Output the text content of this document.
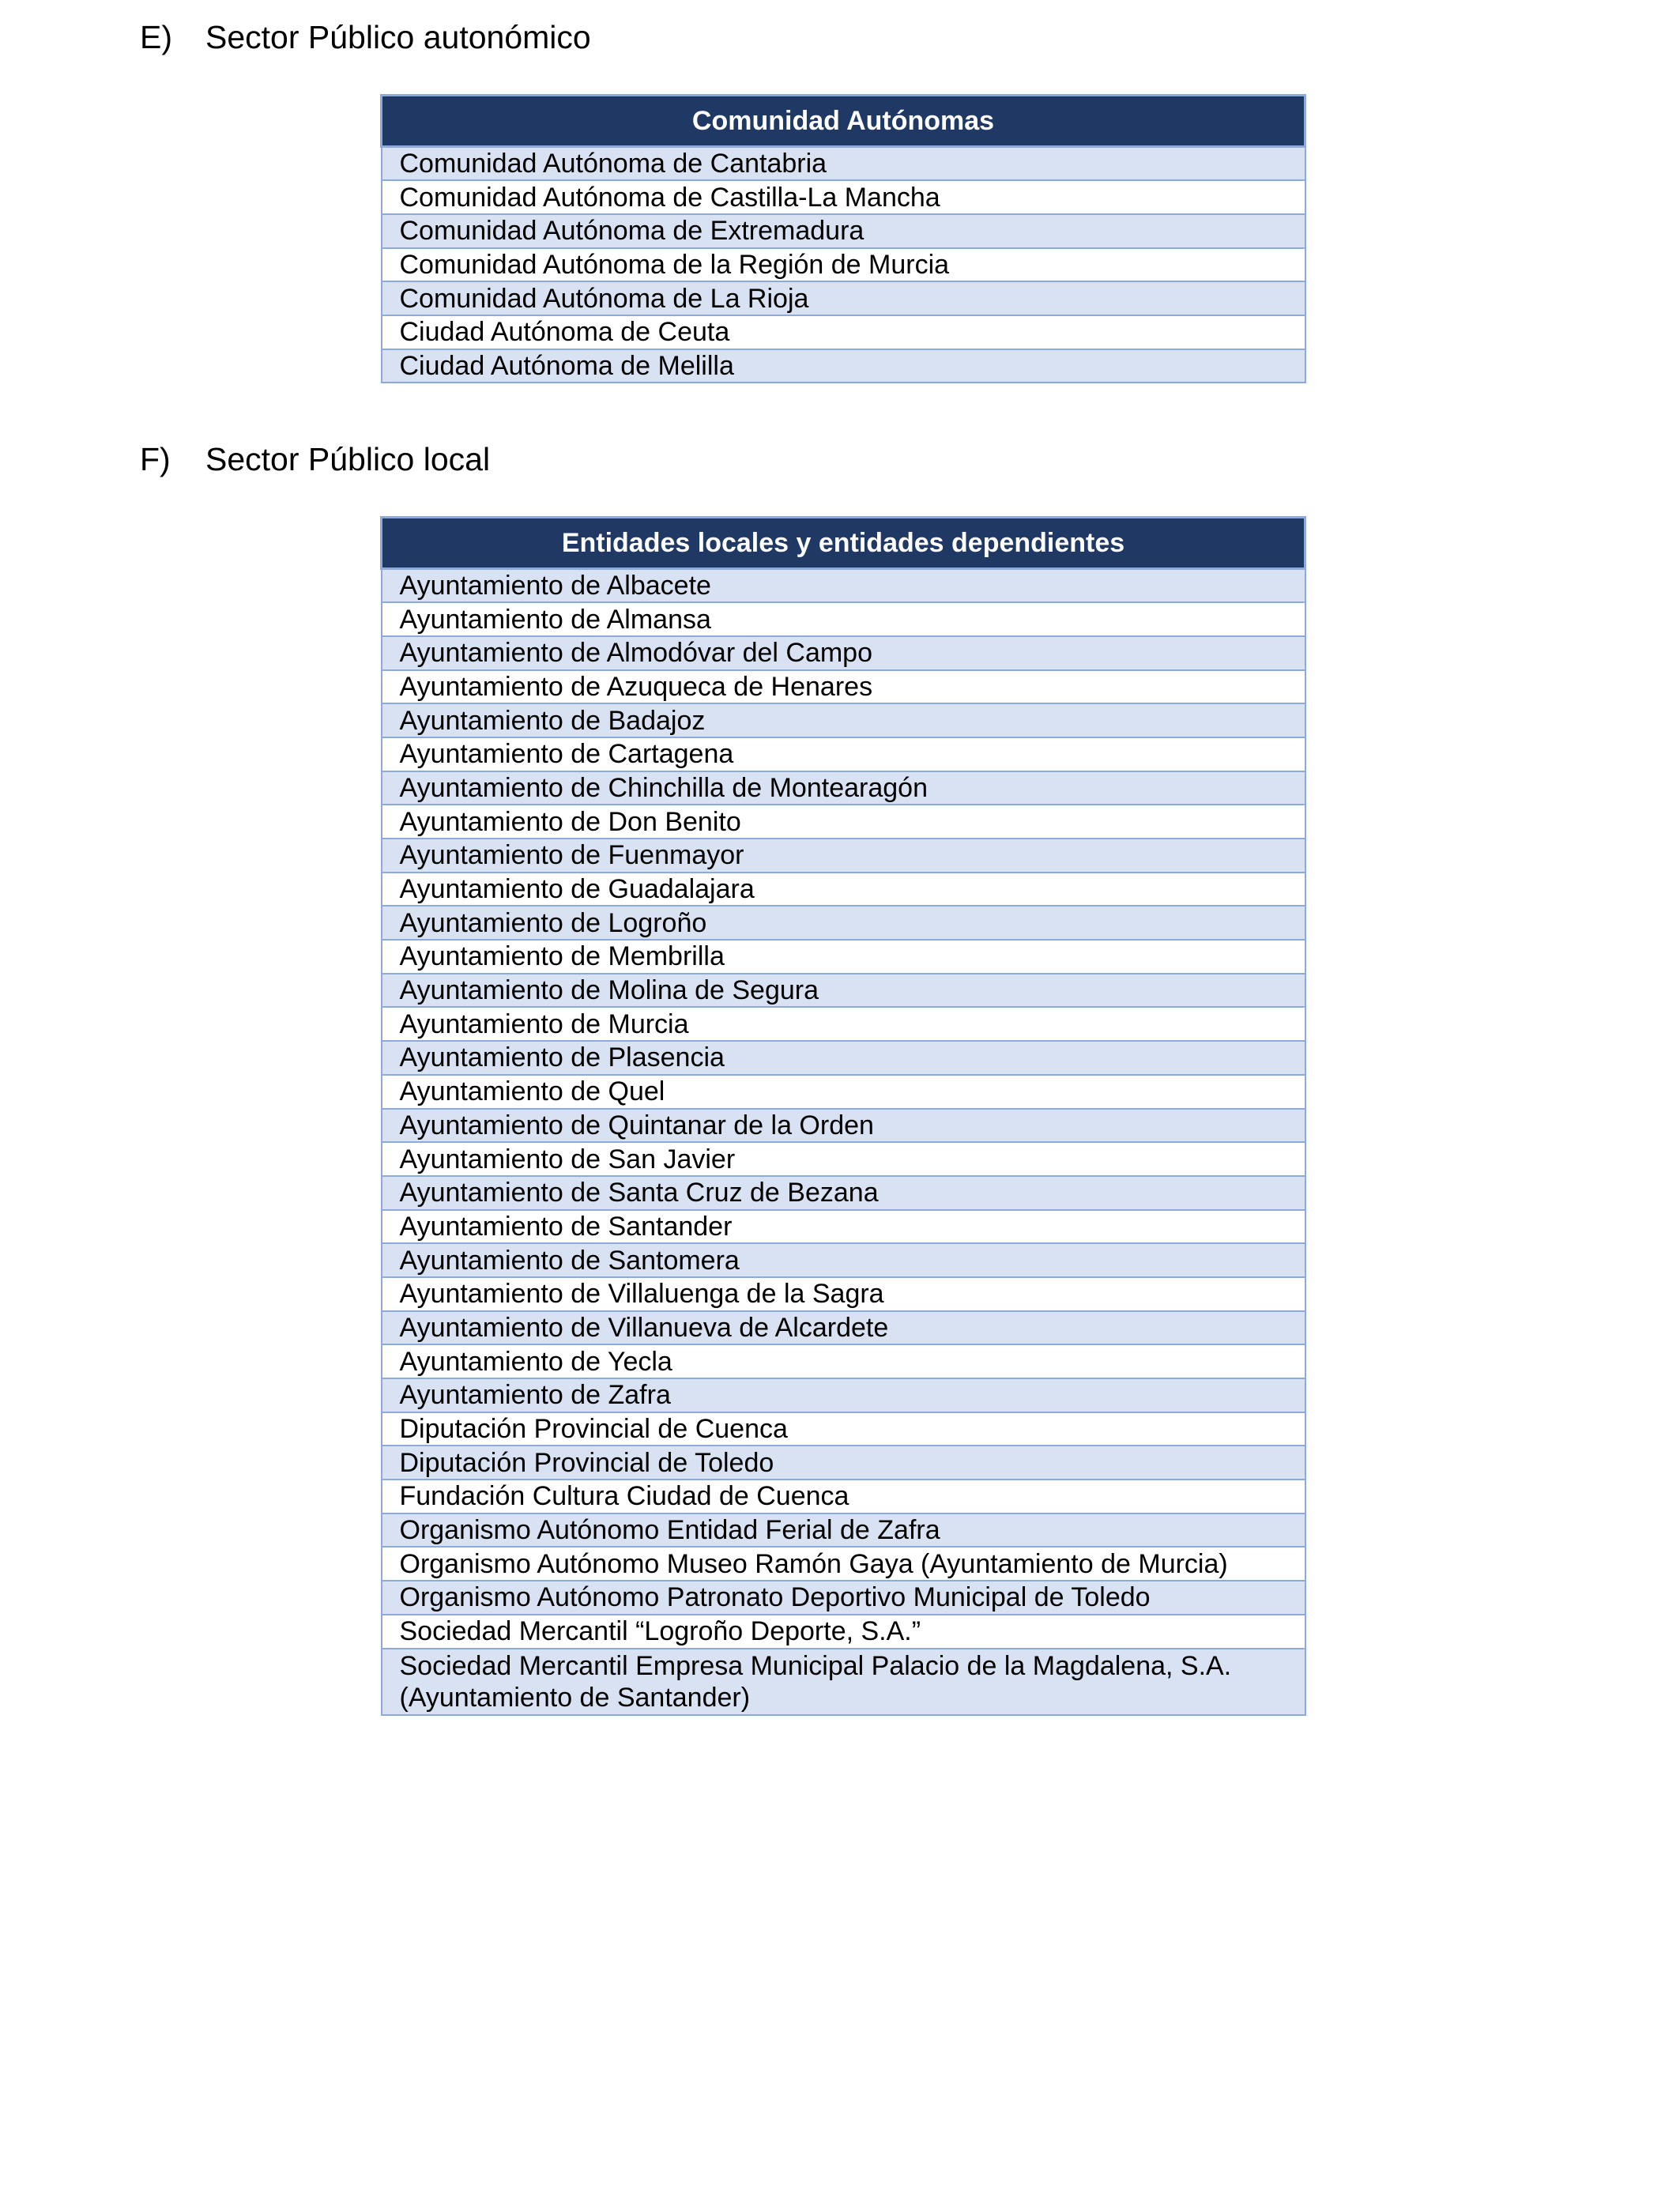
E) Sector Público autonómico
Comunidad Autónomas
Comunidad Autónoma de Cantabria
Comunidad Autónoma de Castilla-La Mancha
Comunidad Autónoma de Extremadura
Comunidad Autónoma de la Región de Murcia
Comunidad Autónoma de La Rioja
Ciudad Autónoma de Ceuta
Ciudad Autónoma de Melilla
F) Sector Público local
Entidades locales y entidades dependientes
Ayuntamiento de Albacete
Ayuntamiento de Almansa
Ayuntamiento de Almodóvar del Campo
Ayuntamiento de Azuqueca de Henares
Ayuntamiento de Badajoz
Ayuntamiento de Cartagena
Ayuntamiento de Chinchilla de Montearagón
Ayuntamiento de Don Benito
Ayuntamiento de Fuenmayor
Ayuntamiento de Guadalajara
Ayuntamiento de Logroño
Ayuntamiento de Membrilla
Ayuntamiento de Molina de Segura
Ayuntamiento de Murcia
Ayuntamiento de Plasencia
Ayuntamiento de Quel
Ayuntamiento de Quintanar de la Orden
Ayuntamiento de San Javier
Ayuntamiento de Santa Cruz de Bezana
Ayuntamiento de Santander
Ayuntamiento de Santomera
Ayuntamiento de Villaluenga de la Sagra
Ayuntamiento de Villanueva de Alcardete
Ayuntamiento de Yecla
Ayuntamiento de Zafra
Diputación Provincial de Cuenca
Diputación Provincial de Toledo
Fundación Cultura Ciudad de Cuenca
Organismo Autónomo Entidad Ferial de Zafra
Organismo Autónomo Museo Ramón Gaya (Ayuntamiento de Murcia)
Organismo Autónomo Patronato Deportivo Municipal de Toledo
Sociedad Mercantil “Logroño Deporte, S.A.”
Sociedad Mercantil Empresa Municipal Palacio de la Magdalena, S.A. (Ayuntamiento de Santander)
